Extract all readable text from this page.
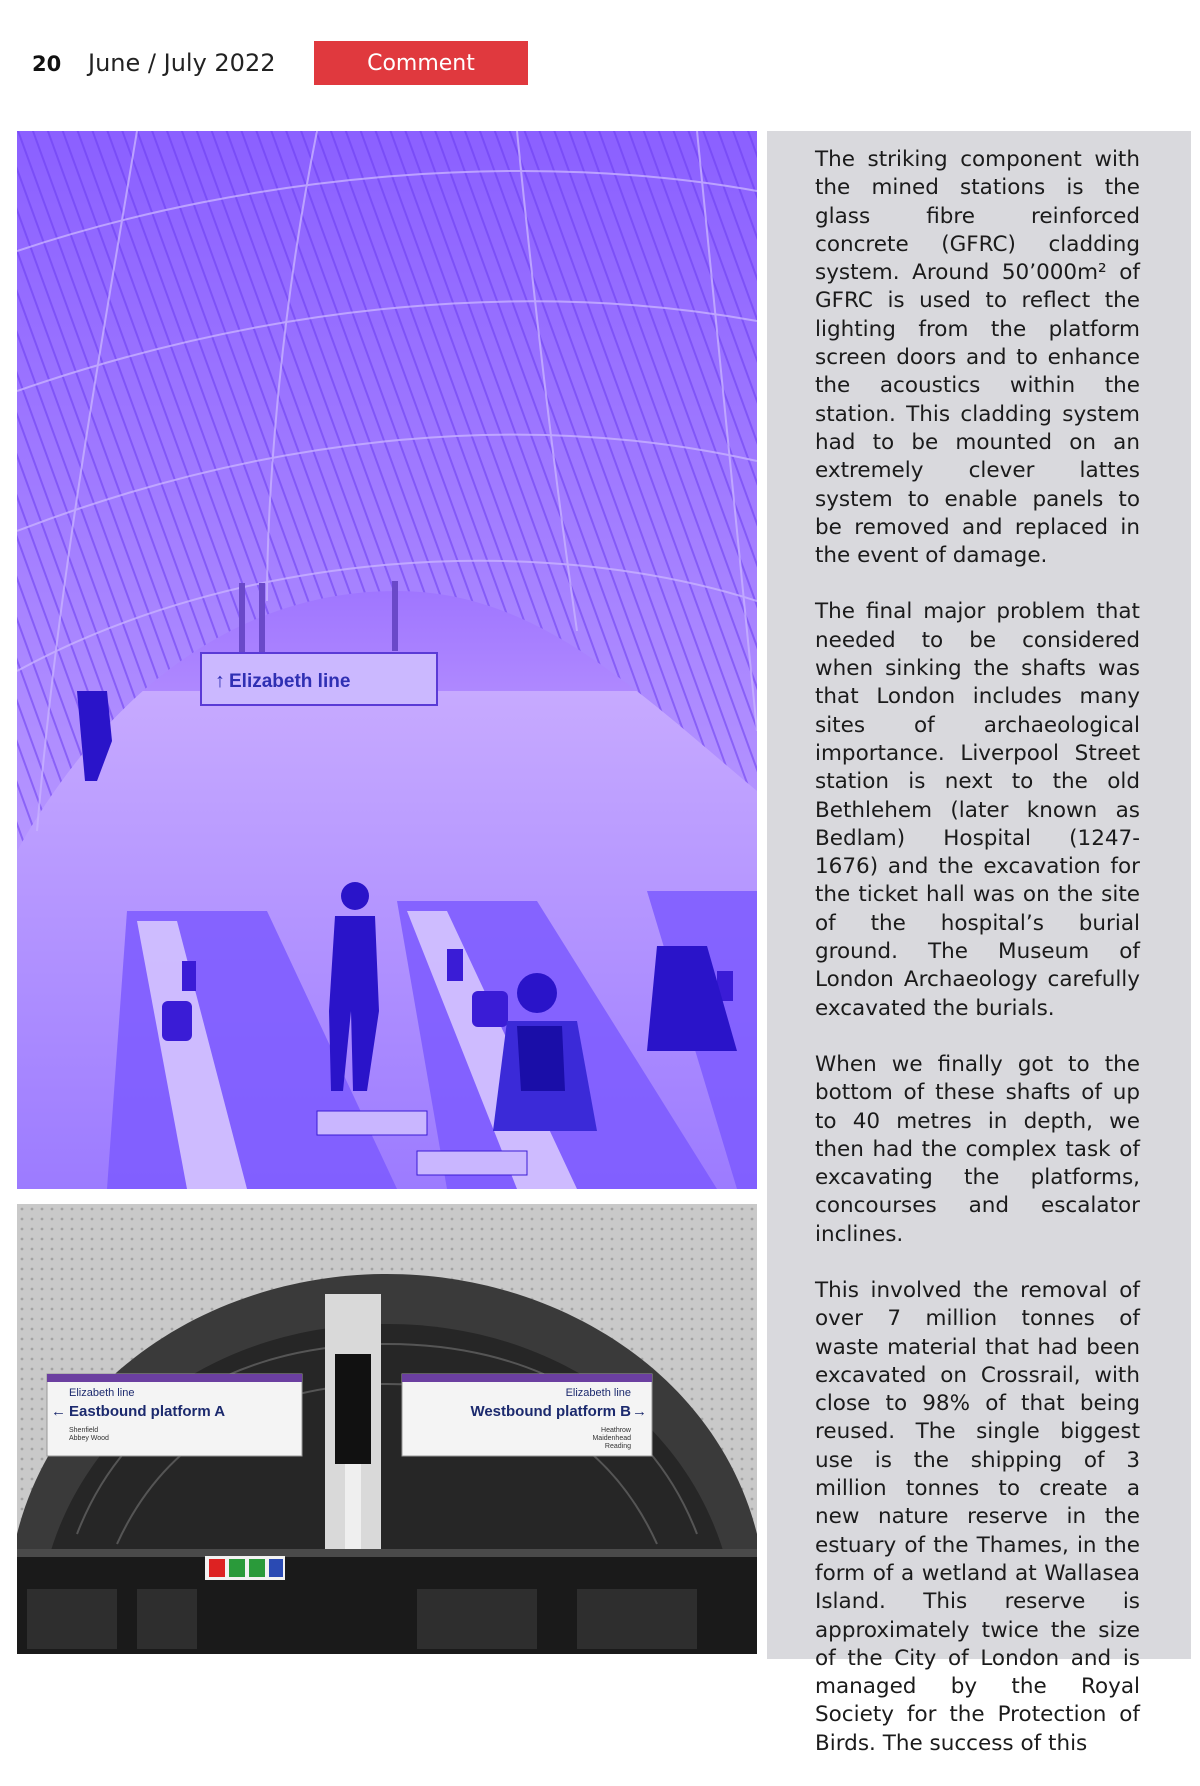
20 June / July 2022	Comment
↑ Elizabeth line
Elizabeth line
← Eastbound platform A
Shenfield
Abbey Wood
Elizabeth line
Westbound platform B →
Heathrow
Maidenhead
Reading

The striking component with the mined stations is the glass fibre reinforced concrete (GFRC) cladding system. Around 50’000m² of GFRC is used to reflect the lighting from the platform screen doors and to enhance the acoustics within the station. This cladding system had to be mounted on an extremely clever lattes system to enable panels to be removed and replaced in the event of damage.

The final major problem that needed to be considered when sinking the shafts was that London includes many sites of archaeological importance. Liverpool Street station is next to the old Bethlehem (later known as Bedlam) Hospital (1247-1676) and the excavation for the ticket hall was on the site of the hospital’s burial ground. The Museum of London Archaeology carefully excavated the burials.

When we finally got to the bottom of these shafts of up to 40 metres in depth, we then had the complex task of excavating the platforms, concourses and escalator inclines.

This involved the removal of over 7 million tonnes of waste material that had been excavated on Crossrail, with close to 98% of that being reused. The single biggest use is the shipping of 3 million tonnes to create a new nature reserve in the estuary of the Thames, in the form of a wetland at Wallasea Island. This reserve is approximately twice the size of the City of London and is managed by the Royal Society for the Protection of Birds. The success of this
